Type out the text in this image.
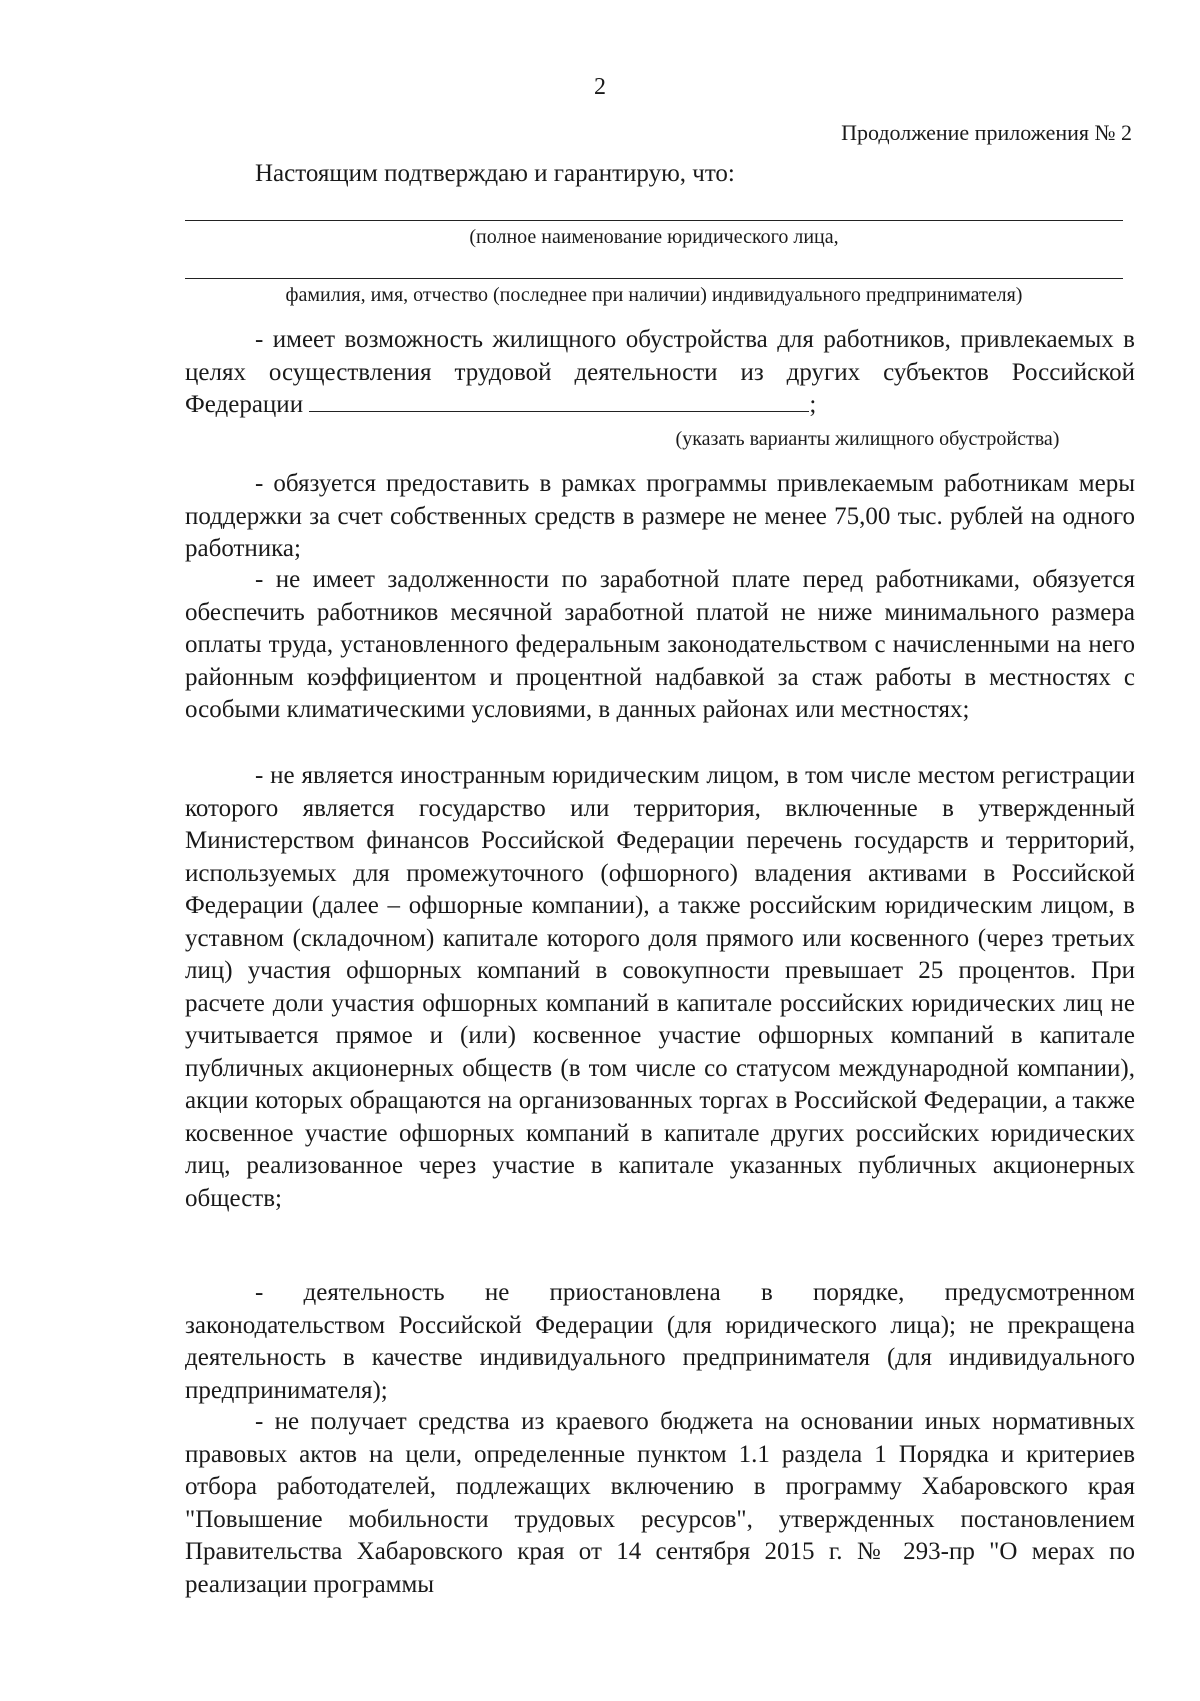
2
Продолжение приложения № 2
Настоящим подтверждаю и гарантирую, что:
(полное наименование юридического лица,
фамилия, имя, отчество (последнее при наличии) индивидуального предпринимателя)

- имеет возможность жилищного обустройства для работников, привлекаемых в целях осуществления трудовой деятельности из других субъектов Российской Федерации	;

(указать варианты жилищного обустройства)

- обязуется предоставить в рамках программы привлекаемым работникам меры поддержки за счет собственных средств в размере не менее 75,00 тыс. рублей на одного работника;

- не имеет задолженности по заработной плате перед работниками, обязуется обеспечить работников месячной заработной платой не ниже минимального размера оплаты труда, установленного федеральным законодательством с начисленными на него районным коэффициентом и процентной надбавкой за стаж работы в местностях с особыми климатическими условиями, в данных районах или местностях;

- не является иностранным юридическим лицом, в том числе местом регистрации которого является государство или территория, включенные в утвержденный Министерством финансов Российской Федерации перечень государств и территорий, используемых для промежуточного (офшорного) владения активами в Российской Федерации (далее – офшорные компании), а также российским юридическим лицом, в уставном (складочном) капитале которого доля прямого или косвенного (через третьих лиц) участия офшорных компаний в совокупности превышает 25 процентов. При расчете доли участия офшорных компаний в капитале российских юридических лиц не учитывается прямое и (или) косвенное участие офшорных компаний в капитале публичных акционерных обществ (в том числе со статусом международной компании), акции которых обращаются на организованных торгах в Российской Федерации, а также косвенное участие офшорных компаний в капитале других российских юридических лиц, реализованное через участие в капитале указанных публичных акционерных обществ;

- деятельность не приостановлена в порядке, предусмотренном законодательством Российской Федерации (для юридического лица); не прекращена деятельность в качестве индивидуального предпринимателя (для индивидуального предпринимателя);

- не получает средства из краевого бюджета на основании иных нормативных правовых актов на цели, определенные пунктом 1.1 раздела 1 Порядка и критериев отбора работодателей, подлежащих включению в программу Хабаровского края "Повышение мобильности трудовых ресурсов", утвержденных постановлением Правительства Хабаровского края от 14 сентября 2015 г. № 293-пр "О мерах по реализации программы
